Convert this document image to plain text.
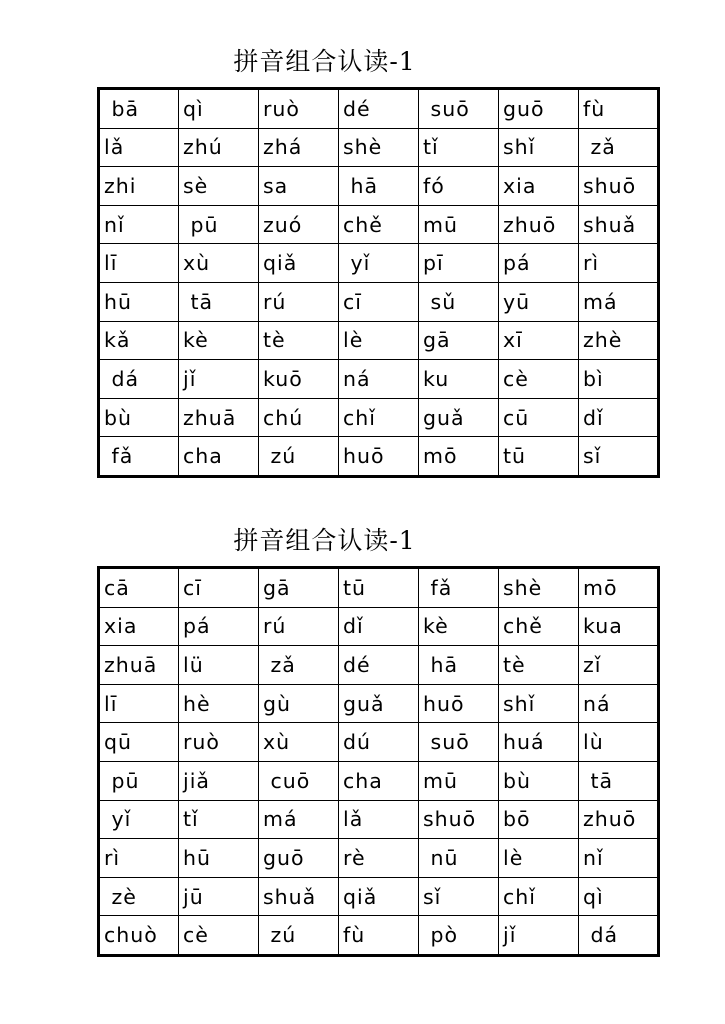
拼音组合认读-1
bā	qì	ruò	dé	suō	guō	fù
lǎ	zhú	zhá	shè	tǐ	shǐ	zǎ
zhi	sè	sa	hā	fó	xia	shuō
nǐ	pū	zuó	chě	mū	zhuō	shuǎ
lī	xù	qiǎ	yǐ	pī	pá	rì
hū	tā	rú	cī	sǔ	yū	má
kǎ	kè	tè	lè	gā	xī	zhè
dá	jǐ	kuō	ná	ku	cè	bì
bù	zhuā	chú	chǐ	guǎ	cū	dǐ
fǎ	cha	zú	huō	mō	tū	sǐ
拼音组合认读-1
cā	cī	gā	tū	fǎ	shè	mō
xia	pá	rú	dǐ	kè	chě	kua
zhuā	lü	zǎ	dé	hā	tè	zǐ
lī	hè	gù	guǎ	huō	shǐ	ná
qū	ruò	xù	dú	suō	huá	lù
pū	jiǎ	cuō	cha	mū	bù	tā
yǐ	tǐ	má	lǎ	shuō	bō	zhuō
rì	hū	guō	rè	nū	lè	nǐ
zè	jū	shuǎ	qiǎ	sǐ	chǐ	qì
chuò	cè	zú	fù	pò	jǐ	dá
